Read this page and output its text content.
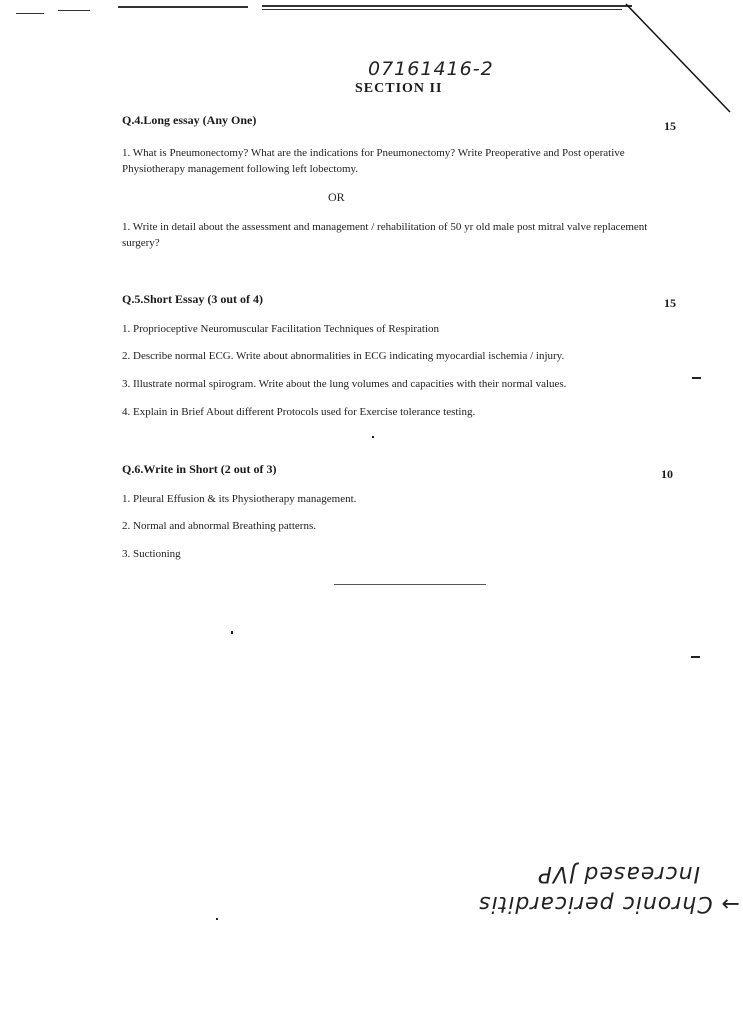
07161416-2
SECTION II
Q.4.Long essay (Any One)	15
1. What is Pneumonectomy? What are the indications for Pneumonectomy? Write Preoperative and Post operative Physiotherapy management following left lobectomy.
OR
1. Write in detail about the assessment and management / rehabilitation of 50 yr old male post mitral valve replacement surgery?
Q.5.Short Essay (3 out of 4)	15
1. Proprioceptive Neuromuscular Facilitation Techniques of Respiration
2. Describe normal ECG. Write about abnormalities in ECG indicating myocardial ischemia / injury.
3. Illustrate normal spirogram. Write about the lung volumes and capacities with their normal values.
4. Explain in Brief About different Protocols used for Exercise tolerance testing.
Q.6.Write in Short (2 out of 3)	10
1. Pleural Effusion & its Physiotherapy management.
2. Normal and abnormal Breathing patterns.
3. Suctioning
→ Chronic pericarditis
Increased JVP
